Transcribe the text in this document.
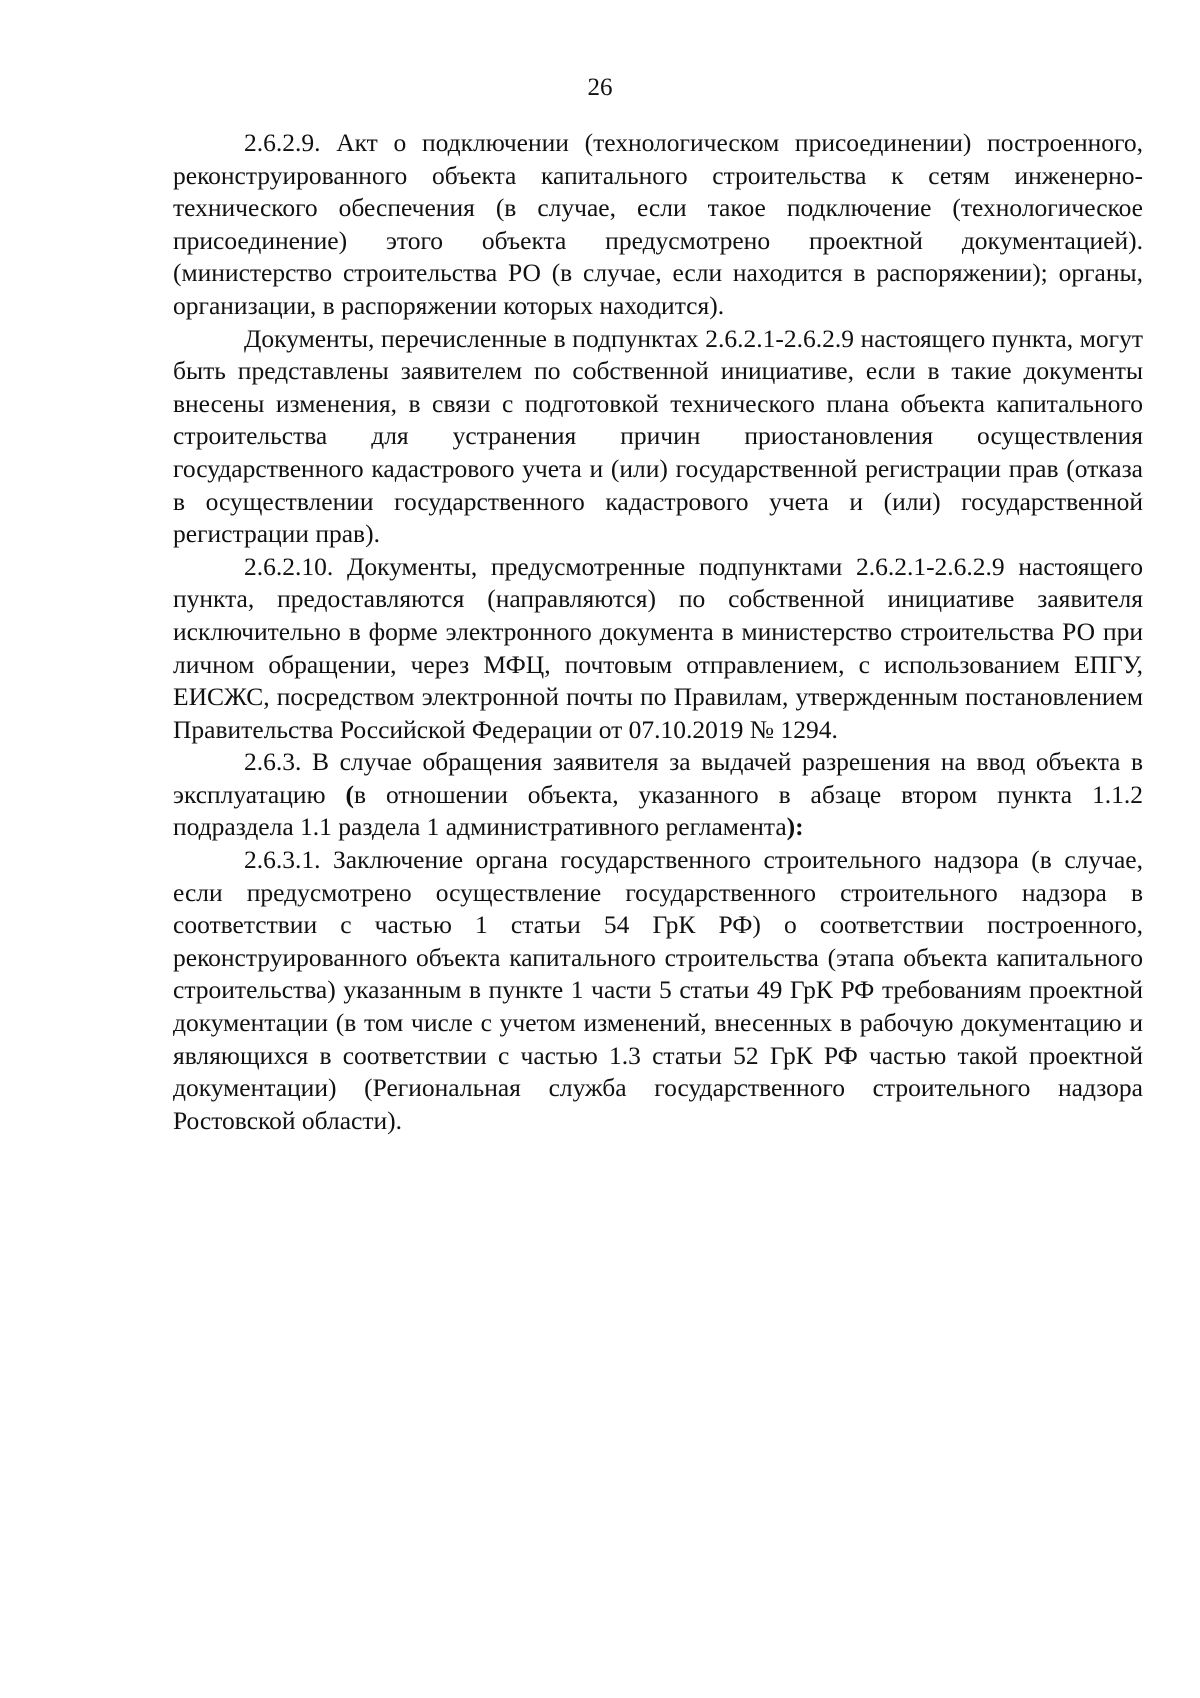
26

2.6.2.9. Акт о подключении (технологическом присоединении) построенного, реконструированного объекта капитального строительства к сетям инженерно-технического обеспечения (в случае, если такое подключение (технологическое присоединение) этого объекта предусмотрено проектной документацией). (министерство строительства РО (в случае, если находится в распоряжении); органы, организации, в распоряжении которых находится).

Документы, перечисленные в подпунктах 2.6.2.1-2.6.2.9 настоящего пункта, могут быть представлены заявителем по собственной инициативе, если в такие документы внесены изменения, в связи с подготовкой технического плана объекта капитального строительства для устранения причин приостановления осуществления государственного кадастрового учета и (или) государственной регистрации прав (отказа в осуществлении государственного кадастрового учета и (или) государственной регистрации прав).

2.6.2.10. Документы, предусмотренные подпунктами 2.6.2.1-2.6.2.9 настоящего пункта, предоставляются (направляются) по собственной инициативе заявителя исключительно в форме электронного документа в министерство строительства РО при личном обращении, через МФЦ, почтовым отправлением, с использованием ЕПГУ, ЕИСЖС, посредством электронной почты по Правилам, утвержденным постановлением Правительства Российской Федерации от 07.10.2019 № 1294.

2.6.3. В случае обращения заявителя за выдачей разрешения на ввод объекта в эксплуатацию (в отношении объекта, указанного в абзаце втором пункта 1.1.2 подраздела 1.1 раздела 1 административного регламента):

2.6.3.1. Заключение органа государственного строительного надзора (в случае, если предусмотрено осуществление государственного строительного надзора в соответствии с частью 1 статьи 54 ГрК РФ) о соответствии построенного, реконструированного объекта капитального строительства (этапа объекта капитального строительства) указанным в пункте 1 части 5 статьи 49 ГрК РФ требованиям проектной документации (в том числе с учетом изменений, внесенных в рабочую документацию и являющихся в соответствии с частью 1.3 статьи 52 ГрК РФ частью такой проектной документации) (Региональная служба государственного строительного надзора Ростовской области).
